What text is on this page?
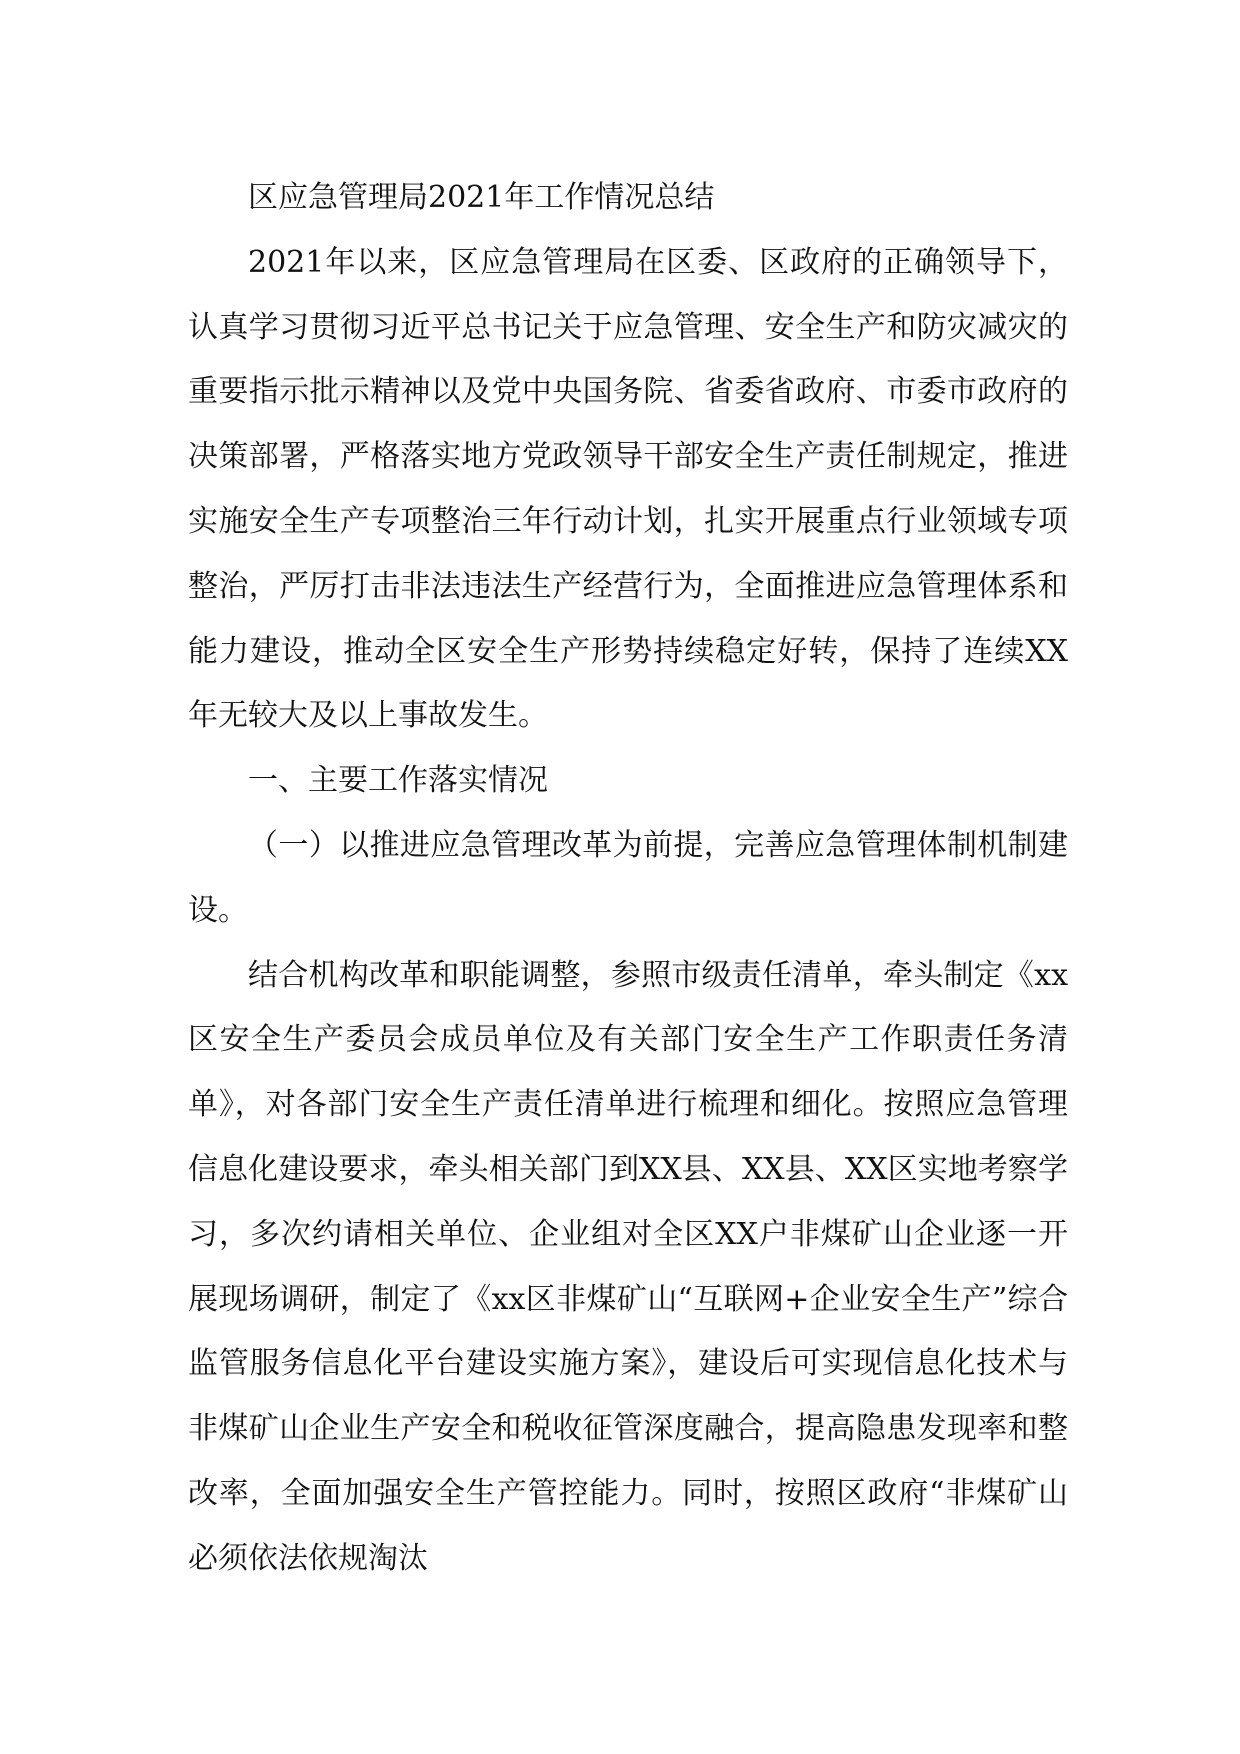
区应急管理局2021年工作情况总结

2021年以来，区应急管理局在区委、区政府的正确领导下，认真学习贯彻习近平总书记关于应急管理、安全生产和防灾减灾的重要指示批示精神以及党中央国务院、省委省政府、市委市政府的决策部署，严格落实地方党政领导干部安全生产责任制规定，推进实施安全生产专项整治三年行动计划，扎实开展重点行业领域专项整治，严厉打击非法违法生产经营行为，全面推进应急管理体系和能力建设，推动全区安全生产形势持续稳定好转，保持了连续XX年无较大及以上事故发生。

一、主要工作落实情况

（一）以推进应急管理改革为前提，完善应急管理体制机制建设。

结合机构改革和职能调整，参照市级责任清单，牵头制定《xx区安全生产委员会成员单位及有关部门安全生产工作职责任务清单》，对各部门安全生产责任清单进行梳理和细化。按照应急管理信息化建设要求，牵头相关部门到XX县、XX县、XX区实地考察学习，多次约请相关单位、企业组对全区XX户非煤矿山企业逐一开展现场调研，制定了《xx区非煤矿山“互联网+企业安全生产”综合监管服务信息化平台建设实施方案》，建设后可实现信息化技术与非煤矿山企业生产安全和税收征管深度融合，提高隐患发现率和整改率，全面加强安全生产管控能力。同时，按照区政府“非煤矿山必须依法依规淘汰
